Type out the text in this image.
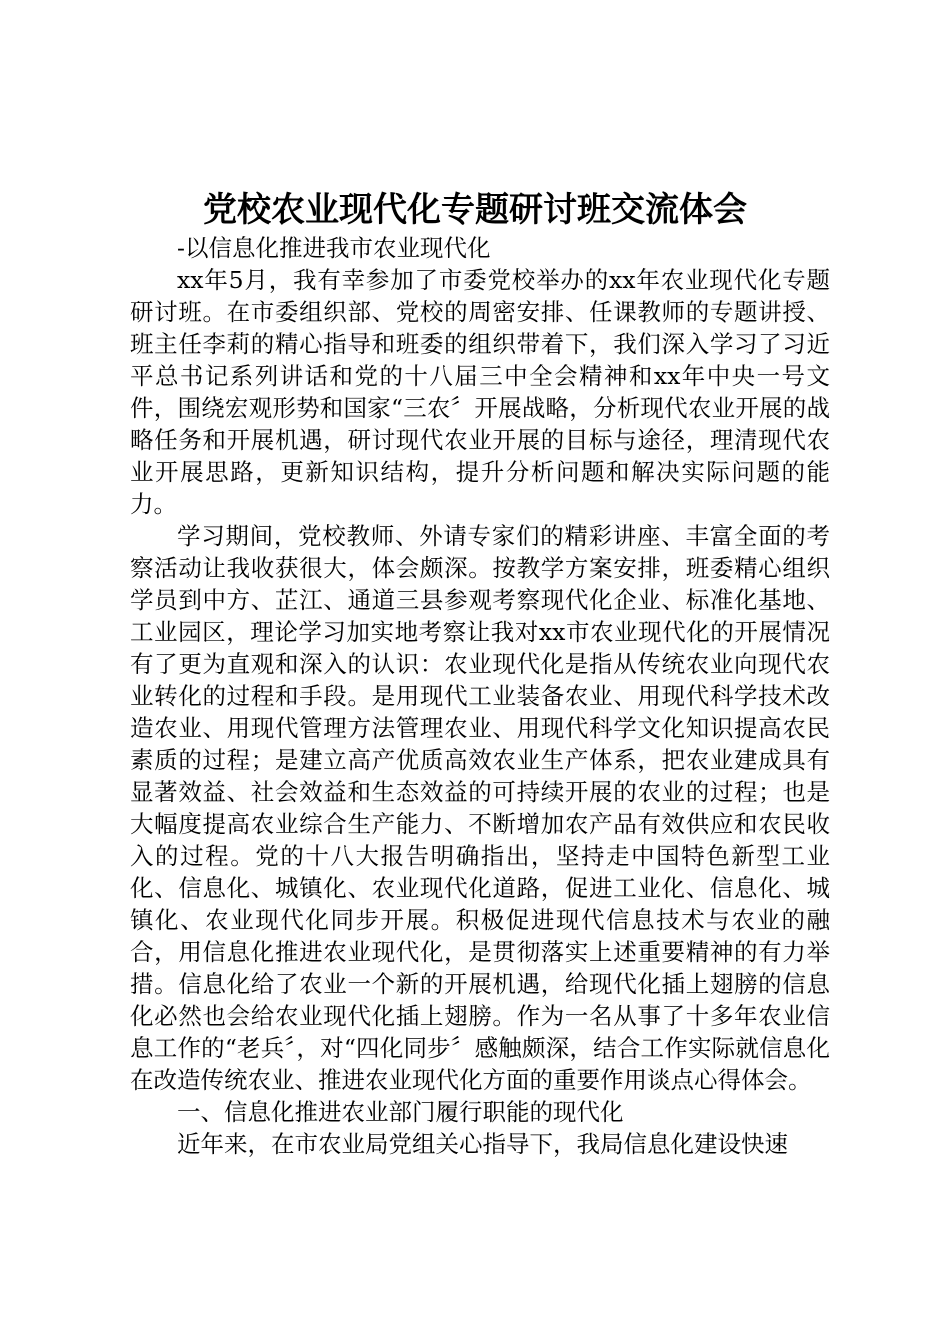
党校农业现代化专题研讨班交流体会

-以信息化推进我市农业现代化

xx年5月，我有幸参加了市委党校举办的xx年农业现代化专题研讨班。在市委组织部、党校的周密安排、任课教师的专题讲授、班主任李莉的精心指导和班委的组织带着下，我们深入学习了习近平总书记系列讲话和党的十八届三中全会精神和xx年中央一号文件，围绕宏观形势和国家“三农〞开展战略，分析现代农业开展的战略任务和开展机遇，研讨现代农业开展的目标与途径，理清现代农业开展思路，更新知识结构，提升分析问题和解决实际问题的能力。

学习期间，党校教师、外请专家们的精彩讲座、丰富全面的考察活动让我收获很大，体会颇深。按教学方案安排，班委精心组织学员到中方、芷江、通道三县参观考察现代化企业、标准化基地、工业园区，理论学习加实地考察让我对xx市农业现代化的开展情况有了更为直观和深入的认识：农业现代化是指从传统农业向现代农业转化的过程和手段。是用现代工业装备农业、用现代科学技术改造农业、用现代管理方法管理农业、用现代科学文化知识提高农民素质的过程；是建立高产优质高效农业生产体系，把农业建成具有显著效益、社会效益和生态效益的可持续开展的农业的过程；也是大幅度提高农业综合生产能力、不断增加农产品有效供应和农民收入的过程。党的十八大报告明确指出，坚持走中国特色新型工业化、信息化、城镇化、农业现代化道路，促进工业化、信息化、城镇化、农业现代化同步开展。积极促进现代信息技术与农业的融合，用信息化推进农业现代化，是贯彻落实上述重要精神的有力举措。信息化给了农业一个新的开展机遇，给现代化插上翅膀的信息化必然也会给农业现代化插上翅膀。作为一名从事了十多年农业信息工作的“老兵〞，对“四化同步〞感触颇深，结合工作实际就信息化在改造传统农业、推进农业现代化方面的重要作用谈点心得体会。

一、信息化推进农业部门履行职能的现代化

近年来，在市农业局党组关心指导下，我局信息化建设快速
